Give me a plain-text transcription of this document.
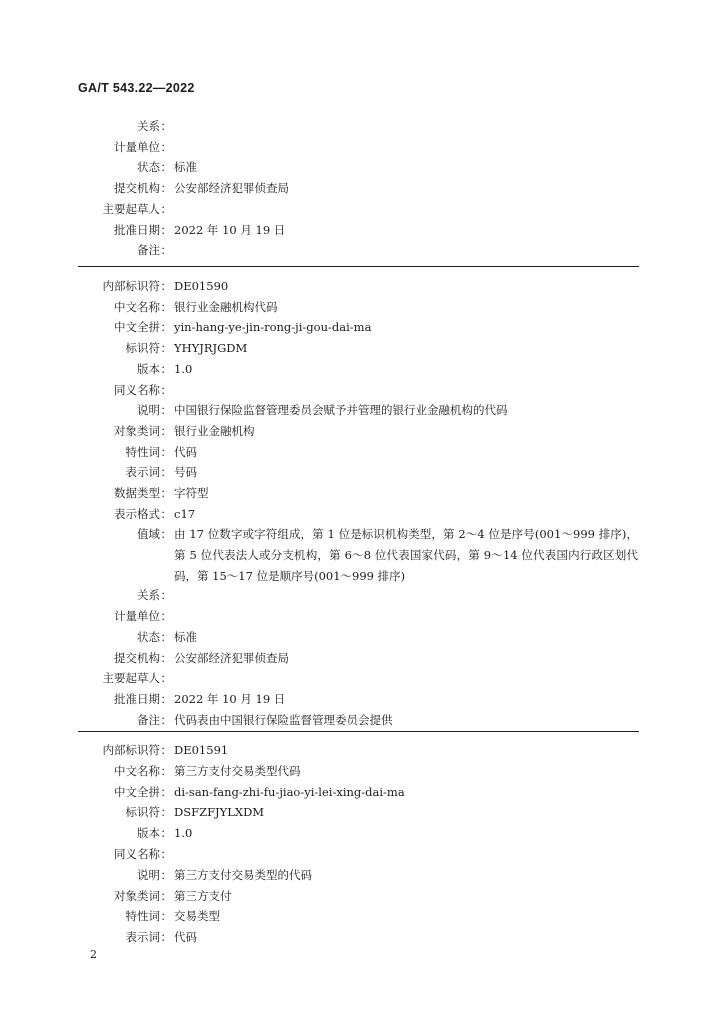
GA/T 543.22—2022
关系 ：
计量单位 ：
状态 ： 标准
提交机构 ： 公安部经济犯罪侦查局
主要起草人 ：
批准日期 ： 2022 年 10 月 19 日
备注 ：
内部标识符 ： DE01590
中文名称 ： 银行业金融机构代码
中文全拼 ： yin-hang-ye-jin-rong-ji-gou-dai-ma
标识符 ： YHYJRJGDM
版本 ： 1.0
同义名称 ：
说明 ： 中国银行保险监督管理委员会赋予并管理的银行业金融机构的代码
对象类词 ： 银行业金融机构
特性词 ： 代码
表示词 ： 号码
数据类型 ： 字符型
表示格式 ： c17
值域 ： 由 17 位数字或字符组成，第 1 位是标识机构类型，第 2～4 位是序号(001～999 排序)，第 5 位代表法人或分支机构，第 6～8 位代表国家代码，第 9～14 位代表国内行政区划代码，第 15～17 位是顺序号(001～999 排序)
关系 ：
计量单位 ：
状态 ： 标准
提交机构 ： 公安部经济犯罪侦查局
主要起草人 ：
批准日期 ： 2022 年 10 月 19 日
备注 ： 代码表由中国银行保险监督管理委员会提供
内部标识符 ： DE01591
中文名称 ： 第三方支付交易类型代码
中文全拼 ： di-san-fang-zhi-fu-jiao-yi-lei-xing-dai-ma
标识符 ： DSFZFJYLXDM
版本 ： 1.0
同义名称 ：
说明 ： 第三方支付交易类型的代码
对象类词 ： 第三方支付
特性词 ： 交易类型
表示词 ： 代码
2
